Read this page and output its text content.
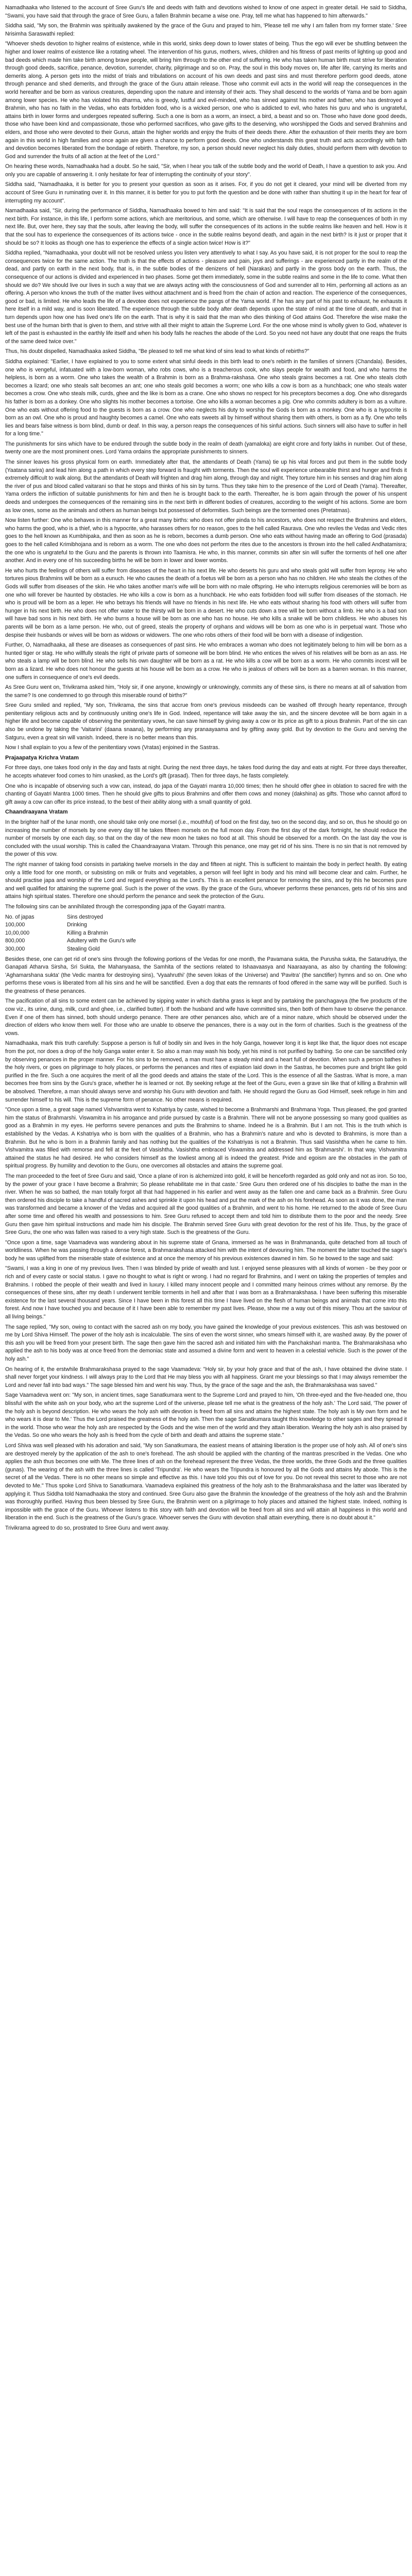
Namadhaaka who listened to the account of Sree Guru's life and deeds with faith and devotions wished to know of one aspect in greater detail. He said to Siddha, "Swami, you have said that through the grace of Sree Guru, a fallen Brahmin became a wise one. Pray, tell me what has happened to him afterwards."

Siddha said, "My son, the Brahmin was spiritually awakened by the grace of the Guru and prayed to him, 'Please tell me why I am fallen from my former state.' Sree Nrisimha Saraswathi replied:

"Whoever sheds devotion to higher realms of existence, while in this world, sinks deep down to lower states of being. Thus the ego will ever be shuttling between the higher and lower realms of existence like a rotating wheel. The intervention of his gurus, mothers, wives, children and his fitness of past merits of lighting up good and bad deeds which made him take birth among brave people, will bring him through to the other end of suffering. He who has taken human birth must strive for liberation through good deeds, sacrifice, penance, devotion, surrender, charity, pilgrimage and so on. Pray, the soul in this body moves on, life after life, carrying its merits and demerits along. A person gets into the midst of trials and tribulations on account of his own deeds and past sins and must therefore perform good deeds, atone through penance and shed demerits, and through the grace of the Guru attain release. Those who commit evil acts in the world will reap the consequences in the world hereafter and be born as various creatures, depending upon the nature and intensity of their acts. They shall descend to the worlds of Yama and be born again among lower species. He who has violated his dharma, who is greedy, lustful and evil-minded, who has sinned against his mother and father, who has destroyed a Brahmin, who has no faith in the Vedas, who eats forbidden food, who is a wicked person, one who is addicted to evil, who hates his guru and who is ungrateful, attains birth in lower forms and undergoes repeated suffering. Such a one is born as a worm, an insect, a bird, a beast and so on. Those who have done good deeds, those who have been kind and compassionate, those who performed sacrifices, who gave gifts to the deserving, who worshipped the Gods and served Brahmins and elders, and those who were devoted to their Gurus, attain the higher worlds and enjoy the fruits of their deeds there. After the exhaustion of their merits they are born again in this world in high families and once again are given a chance to perform good deeds. One who understands this great truth and acts accordingly with faith and devotion becomes liberated from the bondage of rebirth. Therefore, my son, a person should never neglect his daily duties, should perform them with devotion to God and surrender the fruits of all action at the feet of the Lord."

On hearing these words, Namadhaaka had a doubt. So he said, "Sir, when I hear you talk of the subtle body and the world of Death, I have a question to ask you. And only you are capable of answering it. I only hesitate for fear of interrupting the continuity of your story".

Siddha said, "Namadhaaka, it is better for you to present your question as soon as it arises. For, if you do not get it cleared, your mind will be diverted from my account of Sree Guru in ruminating over it. In this manner, it is better for you to put forth the question and be done with rather than shutting it up in the heart for fear of interrupting my account".

Namadhaaka said, "Sir, during the performance of Siddha, Namadhaaka bowed to him and said: "It is said that the soul reaps the consequences of its actions in the next birth. For instance, in this life, I perform some actions, which are meritorious, and some, which are otherwise. I will have to reap the consequences of both in my next life. But, over here, they say that the souls, after leaving the body, will suffer the consequences of its actions in the subtle realms like heaven and hell. How is it that the soul has to experience the consequences of its actions twice - once in the subtle realms beyond death, and again in the next birth? Is it just or proper that it should be so? It looks as though one has to experience the effects of a single action twice! How is it?"

Siddha replied, "Namadhaaka, your doubt will not be resolved unless you listen very attentively to what I say. As you have said, it is not proper for the soul to reap the consequences twice for the same action. The truth is that the effects of actions - pleasure and pain, joys and sufferings - are experienced partly in the realm of the dead, and partly on earth in the next body, that is, in the subtle bodies of the denizens of hell (Narakas) and partly in the gross body on the earth. Thus, the consequence of our actions is divided and experienced in two phases. Some get them immediately, some in the subtle realms and some in the life to come. What then should we do? We should live our lives in such a way that we are always acting with the consciousness of God and surrender all to Him, performing all actions as an offering. A person who knows the truth of the matter lives without attachment and is freed from the chain of action and reaction. The experience of the consequences, good or bad, is limited. He who leads the life of a devotee does not experience the pangs of the Yama world. If he has any part of his past to exhaust, he exhausts it here itself in a mild way, and is soon liberated. The experience through the subtle body after death depends upon the state of mind at the time of death, and that in turn depends upon how one has lived one's life on the earth. That is why it is said that the man who dies thinking of God attains God. Therefore the wise make the best use of the human birth that is given to them, and strive with all their might to attain the Supreme Lord. For the one whose mind is wholly given to God, whatever is left of the past is exhausted in the earthly life itself and when his body falls he reaches the abode of the Lord. So you need not have any doubt that one reaps the fruits of the same deed twice over."

Thus, his doubt dispelled, Namadhaaka asked Siddha, "Be pleased to tell me what kind of sins lead to what kinds of rebirths?"

Siddha explained: "Earlier, I have explained to you to some extent what sinful deeds in this birth lead to one's rebirth in the families of sinners (Chandala). Besides, one who is vengeful, infatuated with a low-born woman, who robs cows, who is a treacherous cook, who slays people for wealth and food, and who harms the helpless, is born as a worm. One who takes the wealth of a Brahmin is born as a Brahma-rakshasa. One who steals grains becomes a rat. One who steals cloth becomes a lizard; one who steals salt becomes an ant; one who steals gold becomes a worm; one who kills a cow is born as a hunchback; one who steals water becomes a crow. One who steals milk, curds, ghee and the like is born as a crane. One who shows no respect for his preceptors becomes a dog. One who disregards his father is born as a donkey. One who slights his mother becomes a tortoise. One who kills a woman becomes a pig. One who commits adultery is born as a vulture. One who eats without offering food to the guests is born as a crow. One who neglects his duty to worship the Gods is born as a monkey. One who is a hypocrite is born as an owl. One who is proud and haughty becomes a camel. One who eats sweets all by himself without sharing them with others, is born as a fly. One who tells lies and bears false witness is born blind, dumb or deaf. In this way, a person reaps the consequences of his sinful actions. Such sinners will also have to suffer in hell for a long time."

The punishments for sins which have to be endured through the subtle body in the realm of death (yamaloka) are eight crore and forty lakhs in number. Out of these, twenty one are the most prominent ones. Lord Yama ordains the appropriate punishments to sinners.

The sinner leaves his gross physical form on earth. Immediately after that, the attendants of Death (Yama) tie up his vital forces and put them in the subtle body (Yaatana sarira) and lead him along a path in which every step forward is fraught with torments. Then the soul will experience unbearable thirst and hunger and finds it extremely difficult to walk along. But the attendants of Death will frighten and drag him along, through day and night. They torture him in his senses and drag him along the river of pus and blood called vaitarani so that he stops and thinks of his sin by turns. Thus they take him to the presence of the Lord of Death (Yama). Thereafter, Yama orders the infliction of suitable punishments for him and then he is brought back to the earth. Thereafter, he is born again through the power of his unspent deeds and undergoes the consequences of the remaining sins in the next birth in different bodies of creatures, according to the weight of his actions. Some are born as low ones, some as the animals and others as human beings but possessed of deformities. Such beings are the tormented ones (Pretatmas).

Now listen further: One who behaves in this manner for a great many births: who does not offer pinda to his ancestors, who does not respect the Brahmins and elders, who harms the good, who is a thief, who is a hypocrite, who harasses others for no reason, goes to the hell called Raurava. One who reviles the Vedas and Vedic rites goes to the hell known as Kumbhipaka, and then as soon as he is reborn, becomes a dumb person. One who eats without having made an offering to God (prasada) goes to the hell called Krimibhojana and is reborn as a worm. The one who does not perform the rites due to the ancestors is thrown into the hell called Andhatamisra; the one who is ungrateful to the Guru and the parents is thrown into Taamisra. He who, in this manner, commits sin after sin will suffer the torments of hell one after another. And in every one of his succeeding births he will be born in lower and lower wombs.

He who hurts the feelings of others will suffer from diseases of the heart in his next life. He who deserts his guru and who steals gold will suffer from leprosy. He who tortures pious Brahmins will be born as a eunuch. He who causes the death of a foetus will be born as a person who has no children. He who steals the clothes of the Gods will suffer from diseases of the skin. He who takes another man's wife will be born with no male offspring. He who interrupts religious ceremonies will be born as one who will forever be haunted by obstacles. He who kills a cow is born as a hunchback. He who eats forbidden food will suffer from diseases of the stomach. He who is proud will be born as a leper. He who betrays his friends will have no friends in his next life. He who eats without sharing his food with others will suffer from hunger in his next birth. He who does not offer water to the thirsty will be born in a desert. He who cuts down a tree will be born without a limb. He who is a bad son will have bad sons in his next birth. He who burns a house will be born as one who has no house. He who kills a snake will be born childless. He who abuses his parents will be born as a lame person. He who, out of greed, steals the property of orphans and widows will be born as one who is in perpetual want. Those who despise their husbands or wives will be born as widows or widowers. The one who robs others of their food will be born with a disease of indigestion.

Further, O, Namadhaaka, all these are diseases as consequences of past sins. He who embraces a woman who does not legitimately belong to him will be born as a hunted tiger or stag. He who willfully steals the right of private parts of someone will be born blind. He who entices the wives of his relatives will be born as an ass. He who steals a lamp will be born blind. He who sells his own daughter will be born as a rat. He who kills a cow will be born as a worm. He who commits incest will be born as a lizard. He who does not honour the guests at his house will be born as a crow. He who is jealous of others will be born as a barren woman. In this manner, one suffers in consequence of one's evil deeds.

As Sree Guru went on, Trivikrama asked him, "Holy sir, if one anyone, knowingly or unknowingly, commits any of these sins, is there no means at all of salvation from the same? Is one condemned to go through this miserable round of births?"

Sree Guru smiled and replied, "My son, Trivikrama, the sins that accrue from one's previous misdeeds can be washed off through hearty repentance, through penitentiary religious acts and by continuously uniting one's life in God. Indeed, repentance will take away the sin, and the sincere devotee will be born again in a higher life and become capable of observing the penitentiary vows, he can save himself by giving away a cow or its price as gift to a pious Brahmin. Part of the sin can also be undone by taking the 'Vaitarini' (daana snaana), by performing any pranaayaama and by gifting away gold. But by devotion to the Guru and serving the Satguru, even a great sin will vanish. Indeed, there is no better means than this.

Now I shall explain to you a few of the penitentiary vows (Vratas) enjoined in the Sastras.

Prajaapatya Krichra Vratam

For three days, one takes food only in the day and fasts at night. During the next three days, he takes food during the day and eats at night. For three days thereafter, he accepts whatever food comes to him unasked, as the Lord's gift (prasad). Then for three days, he fasts completely.

One who is incapable of observing such a vow can, instead, do japa of the Gayatri mantra 10,000 times; then he should offer ghee in oblation to sacred fire with the chanting of Gayatri Mantra 1000 times. Then he should give gifts to pious Brahmins and offer them cows and money (dakshina) as gifts. Those who cannot afford to gift away a cow can offer its price instead, to the best of their ability along with a small quantity of gold.

Chaandraayana Vratam

In the brighter half of the lunar month, one should take only one morsel (i.e., mouthful) of food on the first day, two on the second day, and so on, thus he should go on increasing the number of morsels by one every day till he takes fifteen morsels on the full moon day. From the first day of the dark fortnight, he should reduce the number of morsels by one each day, so that on the day of the new moon he takes no food at all. This should be observed for a month. On the last day the vow is concluded with the usual worship. This is called the Chaandraayana Vratam. Through this penance, one may get rid of his sins. There is no sin that is not removed by the power of this vow.

The right manner of taking food consists in partaking twelve morsels in the day and fifteen at night. This is sufficient to maintain the body in perfect health. By eating only a little food for one month, or subsisting on milk or fruits and vegetables, a person will feel light in body and his mind will become clear and calm. Further, he should practise japa and worship of the Lord and regard everything as the Lord's. This is an excellent penance for removing the sins, and by this he becomes pure and well qualified for attaining the supreme goal. Such is the power of the vows. By the grace of the Guru, whoever performs these penances, gets rid of his sins and attains high spiritual states. Therefore one should perform the penance and seek the protection of the Guru.

The following sins can be annihilated through the corresponding japa of the Gayatri mantra.

No. of japas	Sins destroyed
100,000	Drinking
10,00,000	Killing a Brahmin
800,000	Adultery with the Guru's wife
300,000	Stealing Gold

Besides these, one can get rid of one's sins through the following portions of the Vedas for one month, the Pavamana sukta, the Purusha sukta, the Satarudriya, the Ganapati Atharva Sirsha, Sri Sukta, the Mahanyaasa, the Samhita of the sections related to Ishaavaasya and Naaraayana, as also by chanting the following: 'Aghamarshana sukta' (the Vedic mantra for destroying sins), 'Vyaahruthi' (the seven lokas of the Universe) and 'Pavitra' (the sanctifier) hymns and so on. One who performs these vows is liberated from all his sins and he will be sanctified. Even a dog that eats the remnants of food offered in the same way will be purified. Such is the greatness of these penances.

The pacification of all sins to some extent can be achieved by sipping water in which darbha grass is kept and by partaking the panchagavya (the five products of the cow viz., its urine, dung, milk, curd and ghee, i.e., clarified butter). If both the husband and wife have committed sins, then both of them have to observe the penance. Even if one of them has sinned, both should undergo penance. There are other penances also, which are of a minor nature, which should be observed under the direction of elders who know them well. For those who are unable to observe the penances, there is a way out in the form of charities. Such is the greatness of the vows.

Namadhaaka, mark this truth carefully: Suppose a person is full of bodily sin and lives in the holy Ganga, however long it is kept like that, the liquor does not escape from the pot, nor does a drop of the holy Ganga water enter it. So also a man may wash his body, yet his mind is not purified by bathing. So one can be sanctified only by observing penances in the proper manner. For his sins to be removed, a man must have a steady mind and a heart full of devotion. When such a person bathes in the holy rivers, or goes on pilgrimage to holy places, or performs the penances and rites of expiation laid down in the Sastras, he becomes pure and bright like gold purified in the fire. Such a one acquires the merit of all the good deeds and attains the state of the Lord. This is the essence of all the Sastras. What is more, a man becomes free from sins by the Guru's grace, whether he is learned or not. By seeking refuge at the feet of the Guru, even a grave sin like that of killing a Brahmin will be absolved. Therefore, a man should always serve and worship his Guru with devotion and faith. He should regard the Guru as God Himself, seek refuge in him and surrender himself to his will. This is the supreme form of penance. No other means is required.

"Once upon a time, a great sage named Vishvamitra went to Kshatriya by caste, wished to become a Brahmarshi and Brahmana Yoga. Thus pleased, the god granted him the status of Brahmarshi. Viswamitra in his arrogance and pride pursued by caste is a Brahmin. There will not be anyone possessing so many good qualities as good as a Brahmin in my eyes. He performs severe penances and puts the Brahmins to shame. Indeed he is a Brahmin. But I am not. This is the truth which is established by the Vedas. A Kshatriya who is born with the qualities of a Brahmin, who has a Brahmin's nature and who is devoted to Brahmins, is more than a Brahmin. But he who is born in a Brahmin family and has nothing but the qualities of the Kshatriyas is not a Brahmin. Thus said Vasishtha when he came to him. Vishvamitra was filled with remorse and fell at the feet of Vasishtha. Vasishtha embraced Viswamitra and addressed him as 'Brahmarshi'. In that way, Vishvamitra attained the status he had desired. He who considers himself as the lowliest among all is indeed the greatest. Pride and egoism are the obstacles in the path of spiritual progress. By humility and devotion to the Guru, one overcomes all obstacles and attains the supreme goal.

The man proceeded to the feet of Sree Guru and said, 'Once a plane of iron is alchemized into gold, it will be henceforth regarded as gold only and not as iron. So too, by the power of your grace I have become a Brahmin; So please rehabilitate me in that caste.' Sree Guru then ordered one of his disciples to bathe the man in the river. When he was so bathed, the man totally forgot all that had happened in his earlier and went away as the fallen one and came back as a Brahmin. Sree Guru then ordered his disciple to take a handful of sacred ashes and sprinkle it upon his head and put the mark of the ash on his forehead. As soon as it was done, the man was transformed and became a knower of the Vedas and acquired all the good qualities of a Brahmin, and went to his home. He returned to the abode of Sree Guru after some time and offered his wealth and possessions to him. Sree Guru refused to accept them and told him to distribute them to the poor and the needy. Sree Guru then gave him spiritual instructions and made him his disciple. The Brahmin served Sree Guru with great devotion for the rest of his life. Thus, by the grace of Sree Guru, the one who was fallen was raised to a very high state. Such is the greatness of the Guru.

"Once upon a time, sage Vaamadeva was wandering about in his supreme state of Gnana, immersed as he was in Brahmananda, quite detached from all touch of worldliness. When he was passing through a dense forest, a Brahmarakshasa attacked him with the intent of devouring him. The moment the latter touched the sage's body he was uplifted from the miserable state of existence and at once the memory of his previous existences dawned in him. So he bowed to the sage and said:

"Swami, I was a king in one of my previous lives. Then I was blinded by pride of wealth and lust. I enjoyed sense pleasures with all kinds of women - be they poor or rich and of every caste or social status. I gave no thought to what is right or wrong. I had no regard for Brahmins, and I went on taking the properties of temples and Brahmins. I robbed the people of their wealth and lived in luxury. I killed many innocent people and I committed many heinous crimes without any remorse. By the consequences of these sins, after my death I underwent terrible torments in hell and after that I was born as a Brahmarakshasa. I have been suffering this miserable existence for the last several thousand years. Since I have been in this forest all this time I have lived on the flesh of human beings and animals that come into this forest. And now I have touched you and because of it I have been able to remember my past lives. Please, show me a way out of this misery. Thou art the saviour of all living beings."

The sage replied, "My son, owing to contact with the sacred ash on my body, you have gained the knowledge of your previous existences. This ash was bestowed on me by Lord Shiva Himself. The power of the holy ash is incalculable. The sins of even the worst sinner, who smears himself with it, are washed away. By the power of this ash you will be freed from your present birth. The sage then gave him the sacred ash and initiated him with the Panchakshari mantra. The Brahmarakshasa who applied the ash to his body was at once freed from the demoniac state and assumed a divine form and went to heaven in a celestial vehicle. Such is the power of the holy ash."

On hearing of it, the erstwhile Brahmarakshasa prayed to the sage Vaamadeva: "Holy sir, by your holy grace and that of the ash, I have obtained the divine state. I shall never forget your kindness. I will always pray to the Lord that He may bless you with all happiness. Grant me your blessings so that I may always remember the Lord and never fall into bad ways." The sage blessed him and went his way. Thus, by the grace of the sage and the ash, the Brahmarakshasa was saved."

Sage Vaamadeva went on: "My son, in ancient times, sage Sanatkumara went to the Supreme Lord and prayed to him, 'Oh three-eyed and the five-headed one, thou blissful with the white ash on your body, who art the supreme Lord of the universe, please tell me what is the greatness of the holy ash.' The Lord said, 'The power of the holy ash is beyond description. He who wears the holy ash with devotion is freed from all sins and attains the highest state. The holy ash is My own form and he who wears it is dear to Me.' Thus the Lord praised the greatness of the holy ash. Then the sage Sanatkumara taught this knowledge to other sages and they spread it in the world. Those who wear the holy ash are respected by the Gods and the wise men of the world and they attain liberation. Wearing the holy ash is also praised by the Vedas. So one who wears the holy ash is freed from the cycle of birth and death and attains the supreme state."

Lord Shiva was well pleased with his adoration and said, "My son Sanatkumara, the easiest means of attaining liberation is the proper use of holy ash. All of one's sins are destroyed merely by the application of the ash to one's forehead. The ash should be applied with the chanting of the mantras prescribed in the Vedas. One who applies the ash thus becomes one with Me. The three lines of ash on the forehead represent the three Vedas, the three worlds, the three Gods and the three qualities (gunas). The wearing of the ash with the three lines is called 'Tripundra'. He who wears the Tripundra is honoured by all the Gods and attains My abode. This is the secret of all the Vedas. There is no other means so simple and effective as this. I have told you this out of love for you. Do not reveal this secret to those who are not devoted to Me." Thus spoke Lord Shiva to Sanatkumara. Vaamadeva explained this greatness of the holy ash to the Brahmarakshasa and the latter was liberated by applying it. Thus Siddha told Namadhaaka the story and continued. Sree Guru also gave the Brahmin the knowledge of the greatness of the holy ash and the Brahmin was thoroughly purified. Having thus been blessed by Sree Guru, the Brahmin went on a pilgrimage to holy places and attained the highest state. Indeed, nothing is impossible with the grace of the Guru. Whoever listens to this story with faith and devotion will be freed from all sins and will attain all happiness in this world and liberation in the end. Such is the greatness of the Guru's grace. Whoever serves the Guru with devotion shall attain everything, there is no doubt about it."

Trivikrama agreed to do so, prostrated to Sree Guru and went away.
